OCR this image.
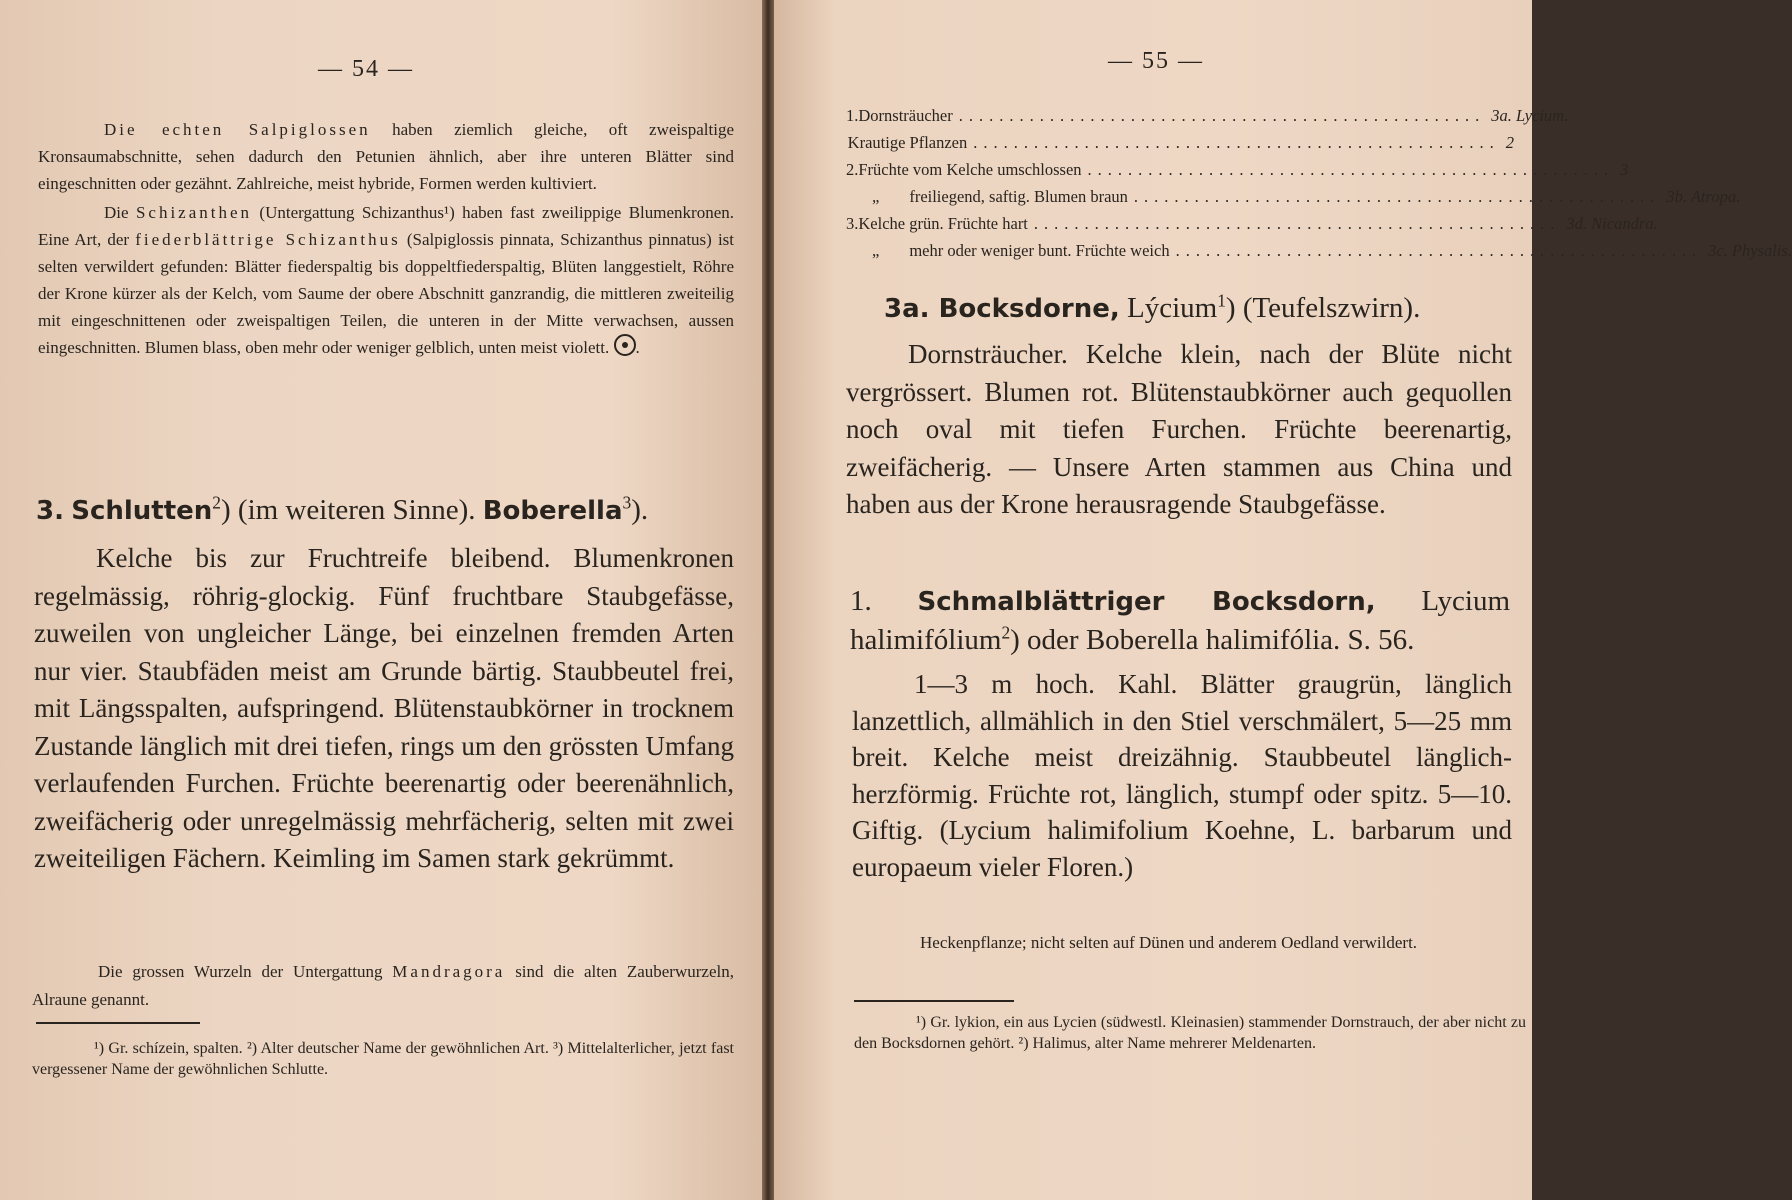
— 54 —

Die echten Salpiglossen haben ziemlich gleiche, oft zweispaltige Kronsaumabschnitte, sehen dadurch den Petunien ähnlich, aber ihre unteren Blätter sind eingeschnitten oder gezähnt. Zahlreiche, meist hybride, Formen werden kultiviert.

Die Schizanthen (Untergattung Schizanthus¹) haben fast zweilippige Blumenkronen. Eine Art, der fiederblättrige Schizanthus (Salpiglossis pinnata, Schizanthus pinnatus) ist selten verwildert gefunden: Blätter fiederspaltig bis doppeltfiederspaltig, Blüten langgestielt, Röhre der Krone kürzer als der Kelch, vom Saume der obere Abschnitt ganzrandig, die mittleren zweiteilig mit eingeschnittenen oder zweispaltigen Teilen, die unteren in der Mitte verwachsen, aussen eingeschnitten. Blumen blass, oben mehr oder weniger gelblich, unten meist violett. .

3. Schlutten$^2$) (im weiteren Sinne). Boberella$^3$).

Kelche bis zur Fruchtreife bleibend. Blumenkronen regelmässig, röhrig-glockig. Fünf fruchtbare Staubgefässe, zuweilen von ungleicher Länge, bei einzelnen fremden Arten nur vier. Staubfäden meist am Grunde bärtig. Staubbeutel frei, mit Längsspalten, aufspringend. Blütenstaubkörner in trocknem Zustande länglich mit drei tiefen, rings um den grössten Umfang verlaufenden Furchen. Früchte beerenartig oder beerenähnlich, zweifächerig oder unregelmässig mehrfächerig, selten mit zwei zweiteiligen Fächern. Keimling im Samen stark gekrümmt.

Die grossen Wurzeln der Untergattung Mandragora sind die alten Zauberwurzeln, Alraune genannt.

¹) Gr. schízein, spalten. ²) Alter deutscher Name der gewöhnlichen Art. ³) Mittelalterlicher, jetzt fast vergessener Name der gewöhnlichen Schlutte.

— 55 —
1. Dornsträucher .................................................... 3a. Lycium.
Krautige Pflanzen .................................................... 2
2. Früchte vom Kelche umschlossen .................................................... 3
„	freiliegend, saftig. Blumen braun .................................................... 3b. Atropa.
3. Kelche grün. Früchte hart .................................................... 3d. Nicandra.
„	mehr oder weniger bunt. Früchte weich .................................................... 3c. Physalis.
3a. Bocksdorne, Lýcium$^1$) (Teufelszwirn).

Dornsträucher. Kelche klein, nach der Blüte nicht vergrössert. Blumen rot. Blütenstaubkörner auch gequollen noch oval mit tiefen Furchen. Früchte beerenartig, zweifächerig. — Unsere Arten stammen aus China und haben aus der Krone herausragende Staubgefässe.

1. Schmalblättriger Bocksdorn, Lycium halimifólium$^2$) oder Boberella halimifólia. S. 56.

1—3 m hoch. Kahl. Blätter graugrün, länglich lanzettlich, allmählich in den Stiel verschmälert, 5—25 mm breit. Kelche meist dreizähnig. Staubbeutel länglich-herzförmig. Früchte rot, länglich, stumpf oder spitz. 5—10. Giftig. (Lycium halimifolium Koehne, L. barbarum und europaeum vieler Floren.)

Heckenpflanze; nicht selten auf Dünen und anderem Oedland verwildert.

¹) Gr. lykion, ein aus Lycien (südwestl. Kleinasien) stammender Dornstrauch, der aber nicht zu den Bocksdornen gehört. ²) Halimus, alter Name mehrerer Meldenarten.
